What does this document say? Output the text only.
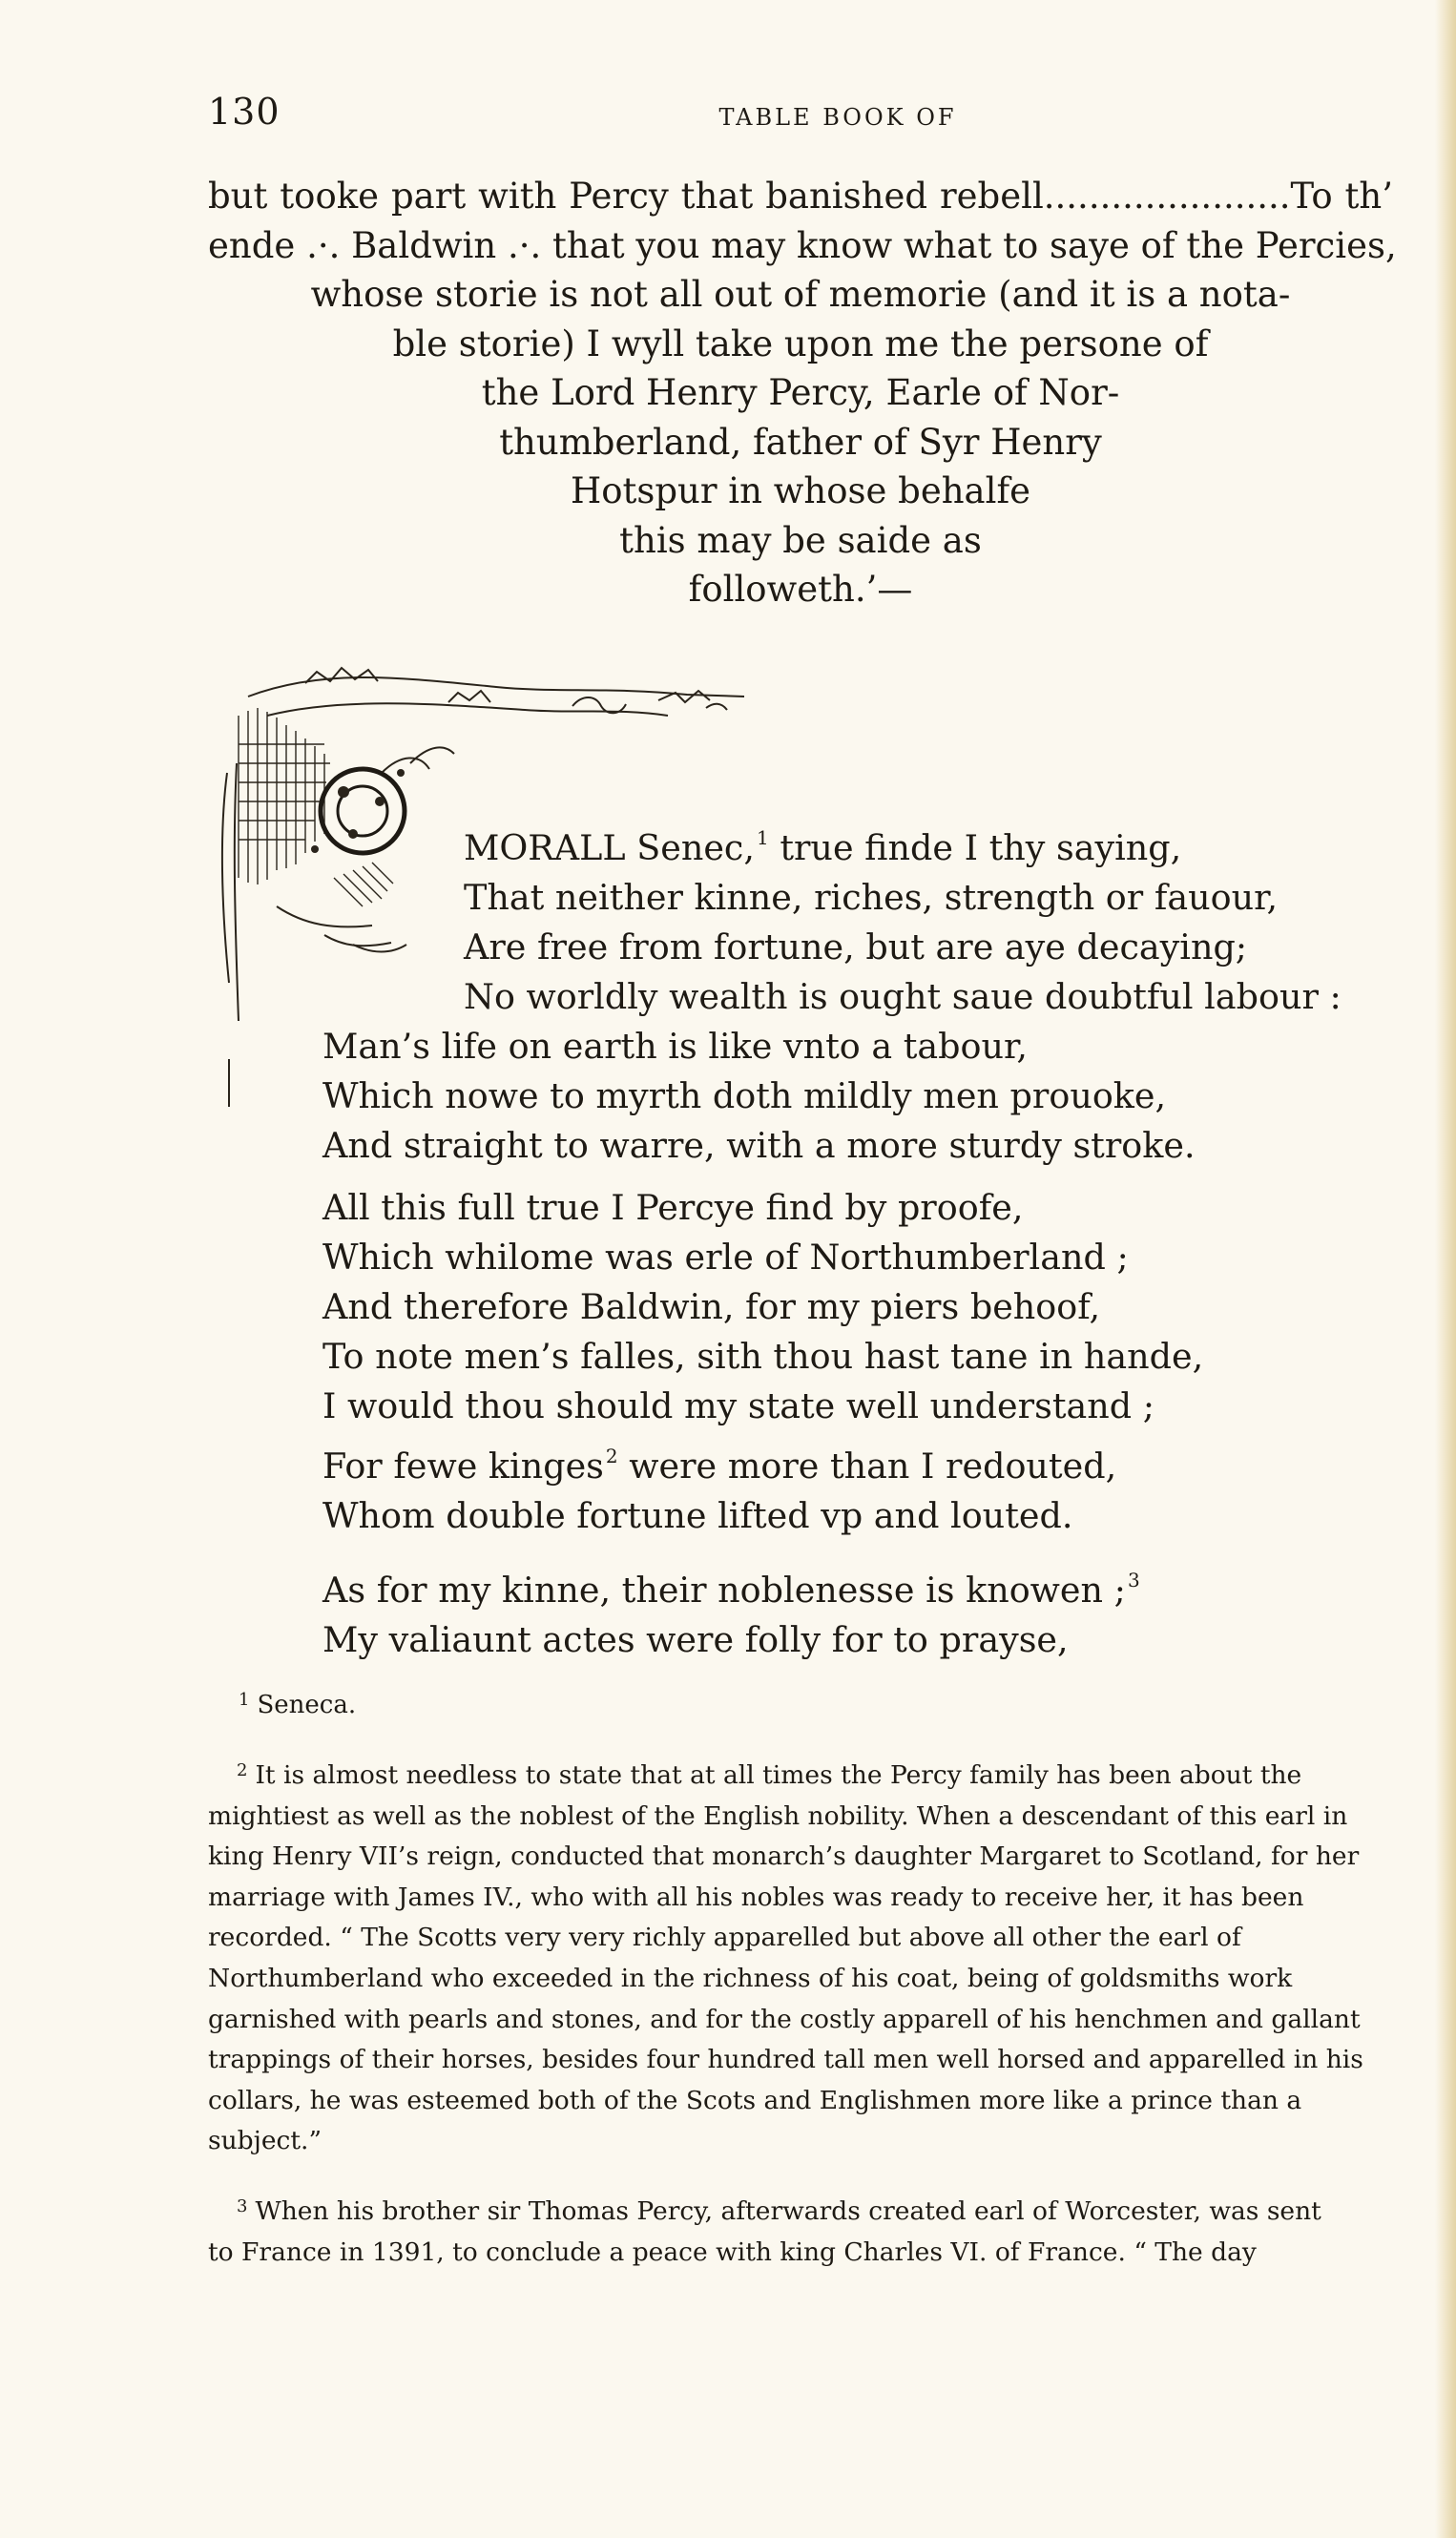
130	TABLE BOOK OF
but tooke part with Percy that banished rebell......................To th’
ende .·. Baldwin .·. that you may know what to saye of the Percies,
whose storie is not all out of memorie (and it is a nota-
ble storie) I wyll take upon me the persone of
the Lord Henry Percy, Earle of Nor-
thumberland, father of Syr Henry
Hotspur in whose behalfe
this may be saide as
followeth.’—
MORALL Senec, $^1$ true finde I thy saying,
That neither kinne, riches, strength or fauour,
Are free from fortune, but are aye decaying;
No worldly wealth is ought saue doubtful labour :
Man’s life on earth is like vnto a tabour,
Which nowe to myrth doth mildly men prouoke,
And straight to warre, with a more sturdy stroke.
All this full true I Percye find by proofe,
Which whilome was erle of Northumberland ;
And therefore Baldwin, for my piers behoof,
To note men’s falles, sith thou hast tane in hande,
I would thou should my state well understand ;
For fewe kinges $^2$ were more than I redouted,
Whom double fortune lifted vp and louted.
As for my kinne, their noblenesse is knowen ; $^3$
My valiaunt actes were folly for to prayse,
$^1$ Seneca.
$^2$ It is almost needless to state that at all times the Percy family has been about the
mightiest as well as the noblest of the English nobility. When a descendant of this earl in
king Henry VII’s reign, conducted that monarch’s daughter Margaret to Scotland, for her
marriage with James IV., who with all his nobles was ready to receive her, it has been
recorded. “ The Scotts very very richly apparelled but above all other the earl of
Northumberland who exceeded in the richness of his coat, being of goldsmiths work
garnished with pearls and stones, and for the costly apparell of his henchmen and gallant
trappings of their horses, besides four hundred tall men well horsed and apparelled in his
collars, he was esteemed both of the Scots and Englishmen more like a prince than a
subject.”
$^3$ When his brother sir Thomas Percy, afterwards created earl of Worcester, was sent
to France in 1391, to conclude a peace with king Charles VI. of France. “ The day
